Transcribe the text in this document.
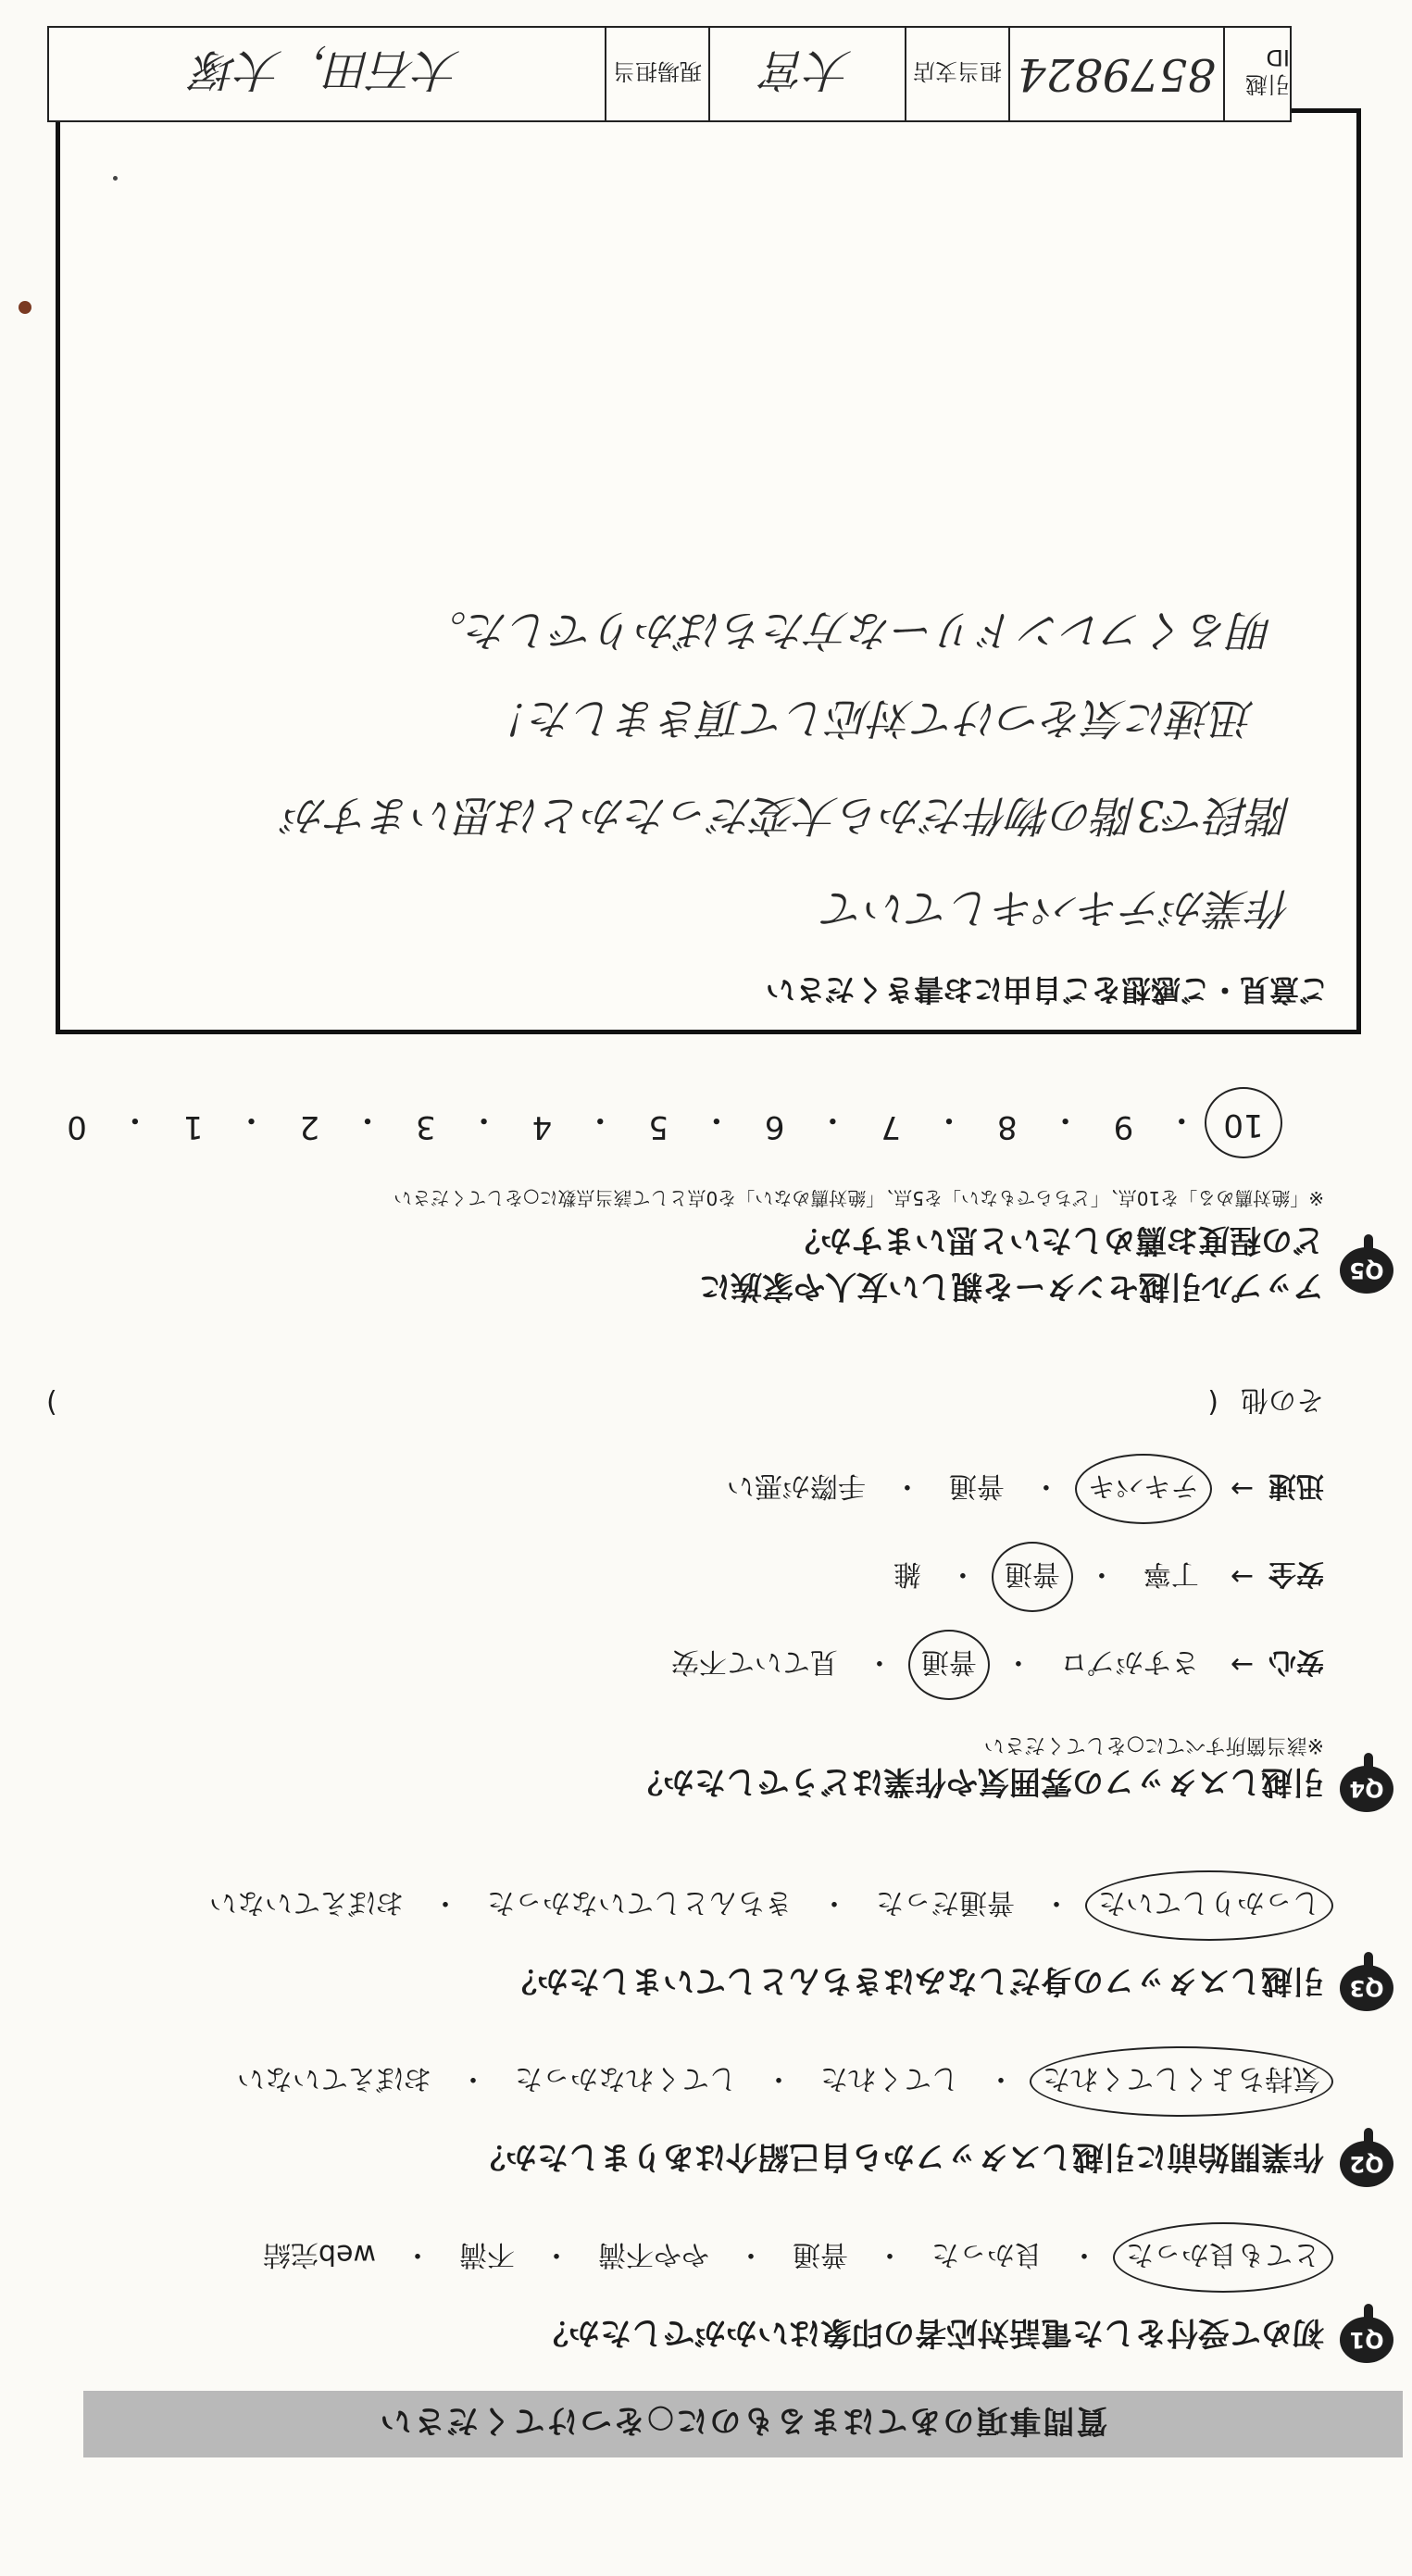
質問事項のあてはまるものに○をつけてください
Q1
初めて受付をした電話対応者の印象はいかがでしたか？
とても良かった
・
良かった
・
普通
・
やや不満
・
不満
・
web完結
Q2
作業開始前に引越しスタッフから自己紹介はありましたか？
気持ちよくしてくれた
・
してくれた
・
してくれなかった
・
おぼえていない
Q3
引越しスタッフの身だしなみはきちんとしていましたか？
しっかりしていた
・
普通だった
・
きちんとしていなかった
・
おぼえていない
Q4
引越しスタッフの雰囲気や作業はどうでしたか？
※該当箇所すべてに○をしてください
安心
→
さすがプロ
・
普通
・
見ていて不安
安全
→
丁寧
・
普通
・
雑
迅速
→
テキパキ
・
普通
・
手際が悪い
その他
(
)
Q5
アップル引越センターを親しい友人や家族に
どの程度お薦めしたいと思いますか？
※「絶対薦める」を10点、「どちらでもない」を5点、「絶対薦めない」を0点として該当点数に○をしてください
10
・
9
・
8
・
7
・
6
・
5
・
4
・
3
・
2
・
1
・
0
ご意見・ご感想をご自由にお書きください
作業がテキパキしていて
階段で3階の物件だから大変だったかとは思いますが
迅速に気をつけて対応して頂きました！
明るくフレンドリーな方たちばかりでした。
引越ID
8579824
担当支店
大宮
現場担当
大石田，大塚
